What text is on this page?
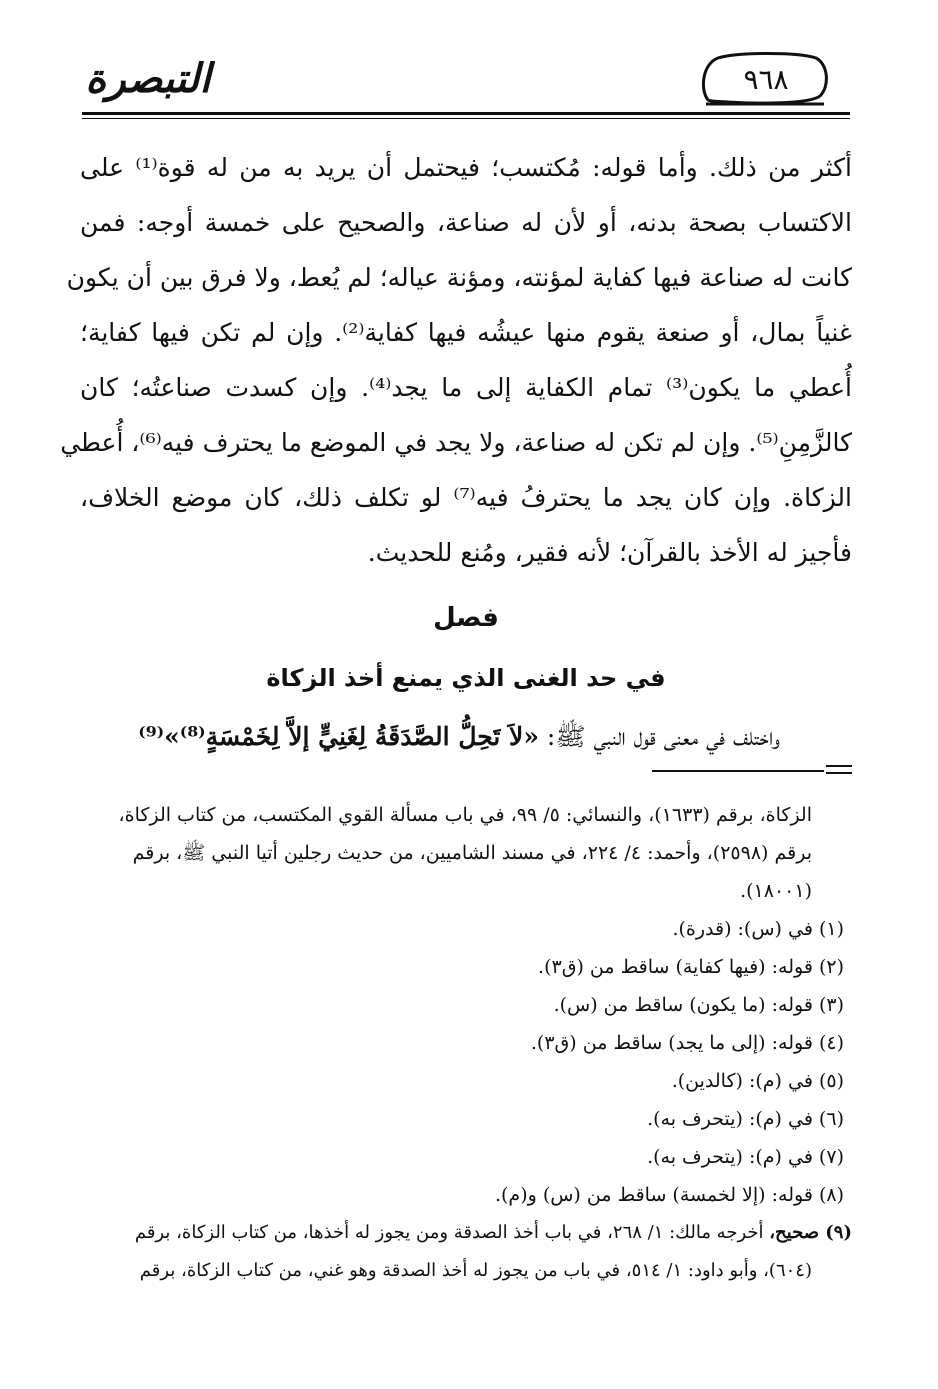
التبصرة	٩٦٨
أكثر من ذلك. وأما قوله: مُكتسب؛ فيحتمل أن يريد به من له قوة⁽¹⁾ على
الاكتساب بصحة بدنه، أو لأن له صناعة، والصحيح على خمسة أوجه: فمن
كانت له صناعة فيها كفاية لمؤنته، ومؤنة عياله؛ لم يُعط، ولا فرق بين أن يكون
غنياً بمال، أو صنعة يقوم منها عيشُه فيها كفاية⁽²⁾. وإن لم تكن فيها كفاية؛
أُعطي ما يكون⁽³⁾ تمام الكفاية إلى ما يجد⁽⁴⁾. وإن كسدت صناعتُه؛ كان
كالزَّمِنِ⁽⁵⁾. وإن لم تكن له صناعة، ولا يجد في الموضع ما يحترف فيه⁽⁶⁾، أُعطي
الزكاة. وإن كان يجد ما يحترفُ فيه⁽⁷⁾ لو تكلف ذلك، كان موضع الخلاف،
فأجيز له الأخذ بالقرآن؛ لأنه فقير، ومُنع للحديث.
فصل
في حد الغنى الذي يمنع أخذ الزكاة
واختلف في معنى قول النبي ﷺ: «لاَ تَحِلُّ الصَّدَقَةُ لِغَنِيٍّ إلاَّ لِخَمْسَةٍ⁽⁸⁾»⁽⁹⁾
الزكاة، برقم (١٦٣٣)، والنسائي: ٥/ ٩٩، في باب مسألة القوي المكتسب، من كتاب الزكاة،
برقم (٢٥٩٨)، وأحمد: ٤/ ٢٢٤، في مسند الشاميين، من حديث رجلين أتيا النبي ﷺ، برقم
(١٨٠٠١).
(١) في (س): (قدرة).
(٢) قوله: (فيها كفاية) ساقط من (ق٣).
(٣) قوله: (ما يكون) ساقط من (س).
(٤) قوله: (إلى ما يجد) ساقط من (ق٣).
(٥) في (م): (كالدين).
(٦) في (م): (يتحرف به).
(٧) في (م): (يتحرف به).
(٨) قوله: (إلا لخمسة) ساقط من (س) و(م).
(٩) صحيح، أخرجه مالك: ١/ ٢٦٨، في باب أخذ الصدقة ومن يجوز له أخذها، من كتاب الزكاة، برقم
(٦٠٤)، وأبو داود: ١/ ٥١٤، في باب من يجوز له أخذ الصدقة وهو غني، من كتاب الزكاة، برقم
